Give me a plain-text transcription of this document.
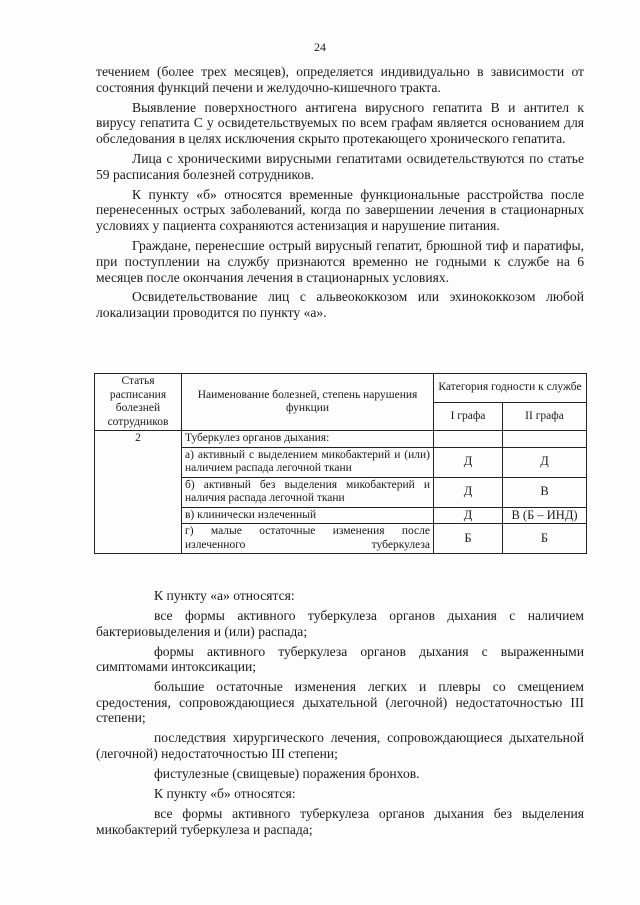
24

течением (более трех месяцев), определяется индивидуально в зависимости от состояния функций печени и желудочно-кишечного тракта.

Выявление поверхностного антигена вирусного гепатита В и антител к вирусу гепатита С у освидетельствуемых по всем графам является основанием для обследования в целях исключения скрыто протекающего хронического гепатита.

Лица с хроническими вирусными гепатитами освидетельствуются по статье 59 расписания болезней сотрудников.

К пункту «б» относятся временные функциональные расстройства после перенесенных острых заболеваний, когда по завершении лечения в стационарных условиях у пациента сохраняются астенизация и нарушение питания.

Граждане, перенесшие острый вирусный гепатит, брюшной тиф и паратифы, при поступлении на службу признаются временно не годными к службе на 6 месяцев после окончания лечения в стационарных условиях.

Освидетельствование лиц с альвеококкозом или эхинококкозом любой локализации проводится по пункту «а».

Статья расписания болезней сотрудников	Наименование болезней, степень нарушения функции	Категория годности к службе	
		I графа	II графа
2	Туберкулез органов дыхания:		
	а) активный с выделением микобактерий и (или) наличием распада легочной ткани	Д	Д
	б) активный без выделения микобактерий и наличия распада легочной ткани	Д	В
	в) клинически излеченный	Д	В (Б – ИНД)
	г) малые остаточные изменения после излеченного туберкулеза	Б	Б

К пункту «а» относятся:

все формы активного туберкулеза органов дыхания с наличием бактериовыделения и (или) распада;

формы активного туберкулеза органов дыхания с выраженными симптомами интоксикации;

большие остаточные изменения легких и плевры со смещением средостения, сопровождающиеся дыхательной (легочной) недостаточностью III степени;

последствия хирургического лечения, сопровождающиеся дыхательной (легочной) недостаточностью III степени;

фистулезные (свищевые) поражения бронхов.

К пункту «б» относятся:

все формы активного туберкулеза органов дыхания без выделения микобактерий туберкулеза и распада;
